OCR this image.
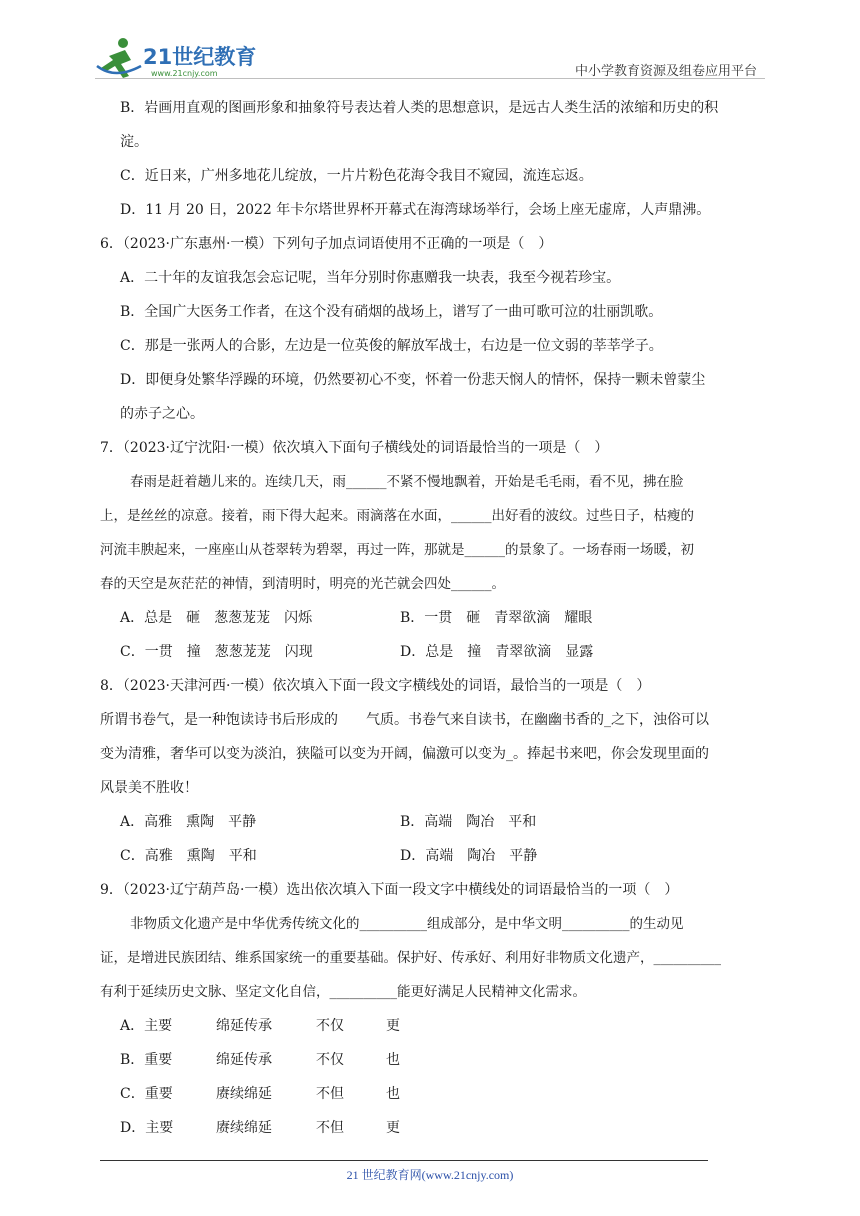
21世纪教育
www.21cnjy.com	中小学教育资源及组卷应用平台
B．岩画用直观的图画形象和抽象符号表达着人类的思想意识，是远古人类生活的浓缩和历史的积
淀。
C．近日来，广州多地花儿绽放，一片片粉色花海令我目不窥园，流连忘返。
D．11 月 20 日，2022 年卡尔塔世界杯开幕式在海湾球场举行，会场上座无虚席，人声鼎沸。
6．（2023·广东惠州·一模）下列句子加点词语使用不正确的一项是（　）
A．二十年的友谊我怎会忘记呢，当年分别时你惠赠我一块表，我至今视若珍宝。
B．全国广大医务工作者，在这个没有硝烟的战场上，谱写了一曲可歌可泣的壮丽凯歌。
C．那是一张两人的合影，左边是一位英俊的解放军战士，右边是一位文弱的莘莘学子。
D．即便身处繁华浮躁的环境，仍然要初心不变，怀着一份悲天悯人的情怀，保持一颗未曾蒙尘
的赤子之心。
7．（2023·辽宁沈阳·一模）依次填入下面句子横线处的词语最恰当的一项是（　）
春雨是赶着趟儿来的。连续几天，雨______不紧不慢地飘着，开始是毛毛雨，看不见，拂在脸
上，是丝丝的凉意。接着，雨下得大起来。雨滴落在水面，______出好看的波纹。过些日子，枯瘦的
河流丰腴起来，一座座山从苍翠转为碧翠，再过一阵，那就是______的景象了。一场春雨一场暖，初
春的天空是灰茫茫的神情，到清明时，明亮的光芒就会四处______。
A．总是　砸　葱葱茏茏　闪烁	B．一贯　砸　青翠欲滴　耀眼
C．一贯　撞　葱葱茏茏　闪现	D．总是　撞　青翠欲滴　显露
8．（2023·天津河西·一模）依次填入下面一段文字横线处的词语，最恰当的一项是（　）
所谓书卷气，是一种饱读诗书后形成的　　气质。书卷气来自读书，在幽幽书香的_之下，浊俗可以
变为清雅，奢华可以变为淡泊，狭隘可以变为开阔，偏激可以变为_。捧起书来吧，你会发现里面的
风景美不胜收！
A．高雅　熏陶　平静	B．高端　陶冶　平和
C．高雅　熏陶　平和	D．高端　陶冶　平静
9．（2023·辽宁葫芦岛·一模）选出依次填入下面一段文字中横线处的词语最恰当的一项（　）
非物质文化遗产是中华优秀传统文化的__________组成部分，是中华文明__________的生动见
证，是增进民族团结、维系国家统一的重要基础。保护好、传承好、利用好非物质文化遗产，__________
有利于延续历史文脉、坚定文化自信，__________能更好满足人民精神文化需求。
A．主要	绵延传承	不仅	更
B．重要	绵延传承	不仅	也
C．重要	赓续绵延	不但	也
D．主要	赓续绵延	不但	更
21 世纪教育网(www.21cnjy.com)
